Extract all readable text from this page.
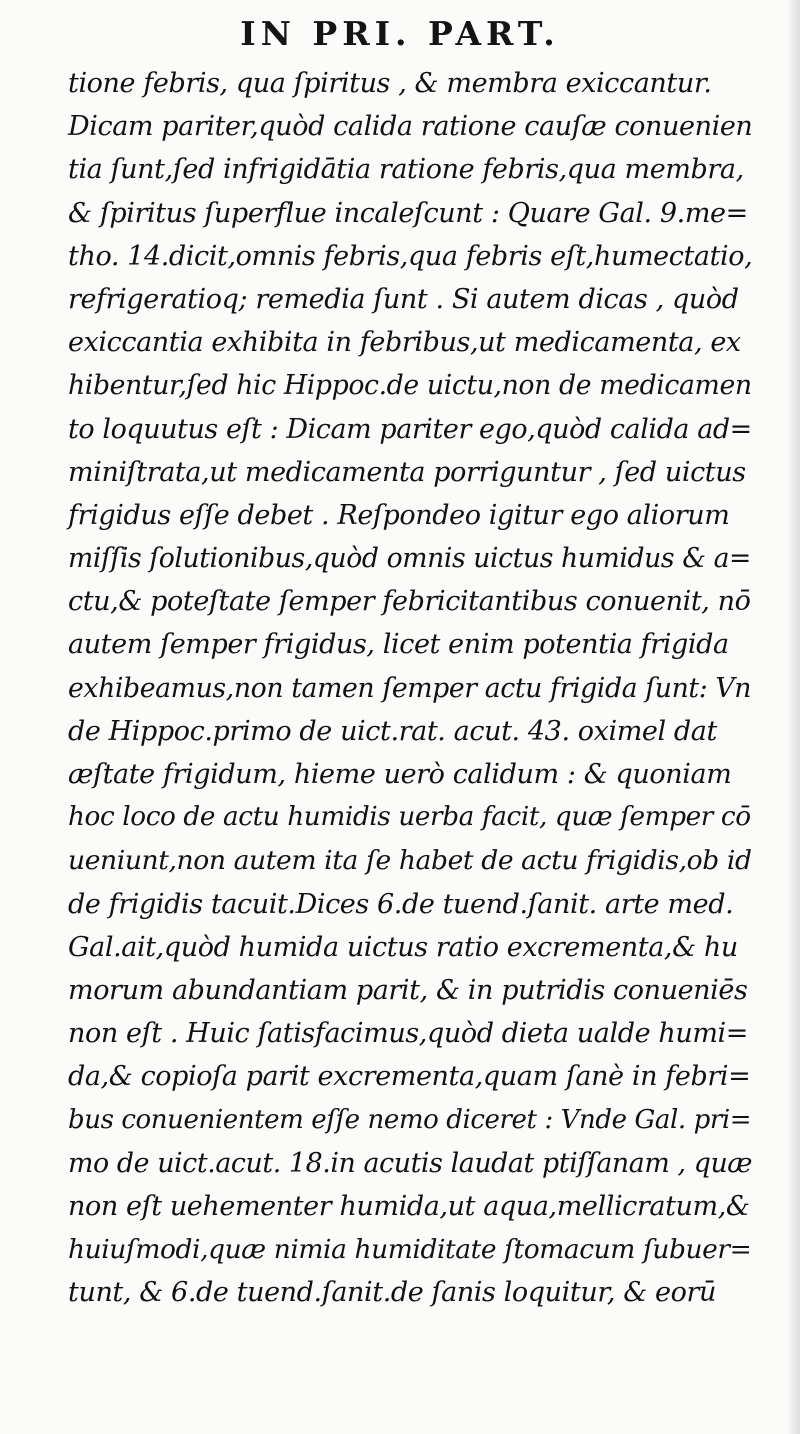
IN PRI. PART.
tione febris, qua ſpiritus , & membra exiccantur.
Dicam pariter,quòd calida ratione cauſæ conuenien
tia ſunt,ſed infrigidātia ratione febris,qua membra,
& ſpiritus ſuperflue incaleſcunt : Quare Gal. 9.me=
tho. 14.dicit,omnis febris,qua febris eſt,humectatio,
refrigeratioq; remedia ſunt . Si autem dicas , quòd
exiccantia exhibita in febribus,ut medicamenta, ex
hibentur,ſed hic Hippoc.de uictu,non de medicamen
to loquutus eſt : Dicam pariter ego,quòd calida ad=
miniſtrata,ut medicamenta porriguntur , ſed uictus
frigidus eſſe debet . Reſpondeo igitur ego aliorum
miſſis ſolutionibus,quòd omnis uictus humidus & a=
ctu,& poteſtate ſemper febricitantibus conuenit, nō
autem ſemper frigidus, licet enim potentia frigida
exhibeamus,non tamen ſemper actu frigida ſunt: Vn
de Hippoc.primo de uict.rat. acut. 43. oximel dat
æſtate frigidum, hieme uerò calidum : & quoniam
hoc loco de actu humidis uerba facit, quæ ſemper cō
ueniunt,non autem ita ſe habet de actu frigidis,ob id
de frigidis tacuit.Dices 6.de tuend.ſanit. arte med.
Gal.ait,quòd humida uictus ratio excrementa,& hu
morum abundantiam parit, & in putridis conueniēs
non eſt . Huic ſatisfacimus,quòd dieta ualde humi=
da,& copioſa parit excrementa,quam ſanè in febri=
bus conuenientem eſſe nemo diceret : Vnde Gal. pri=
mo de uict.acut. 18.in acutis laudat ptiſſanam , quæ
non eſt uehementer humida,ut aqua,mellicratum,&
huiuſmodi,quæ nimia humiditate ſtomacum ſubuer=
tunt, & 6.de tuend.ſanit.de ſanis loquitur, & eorū
